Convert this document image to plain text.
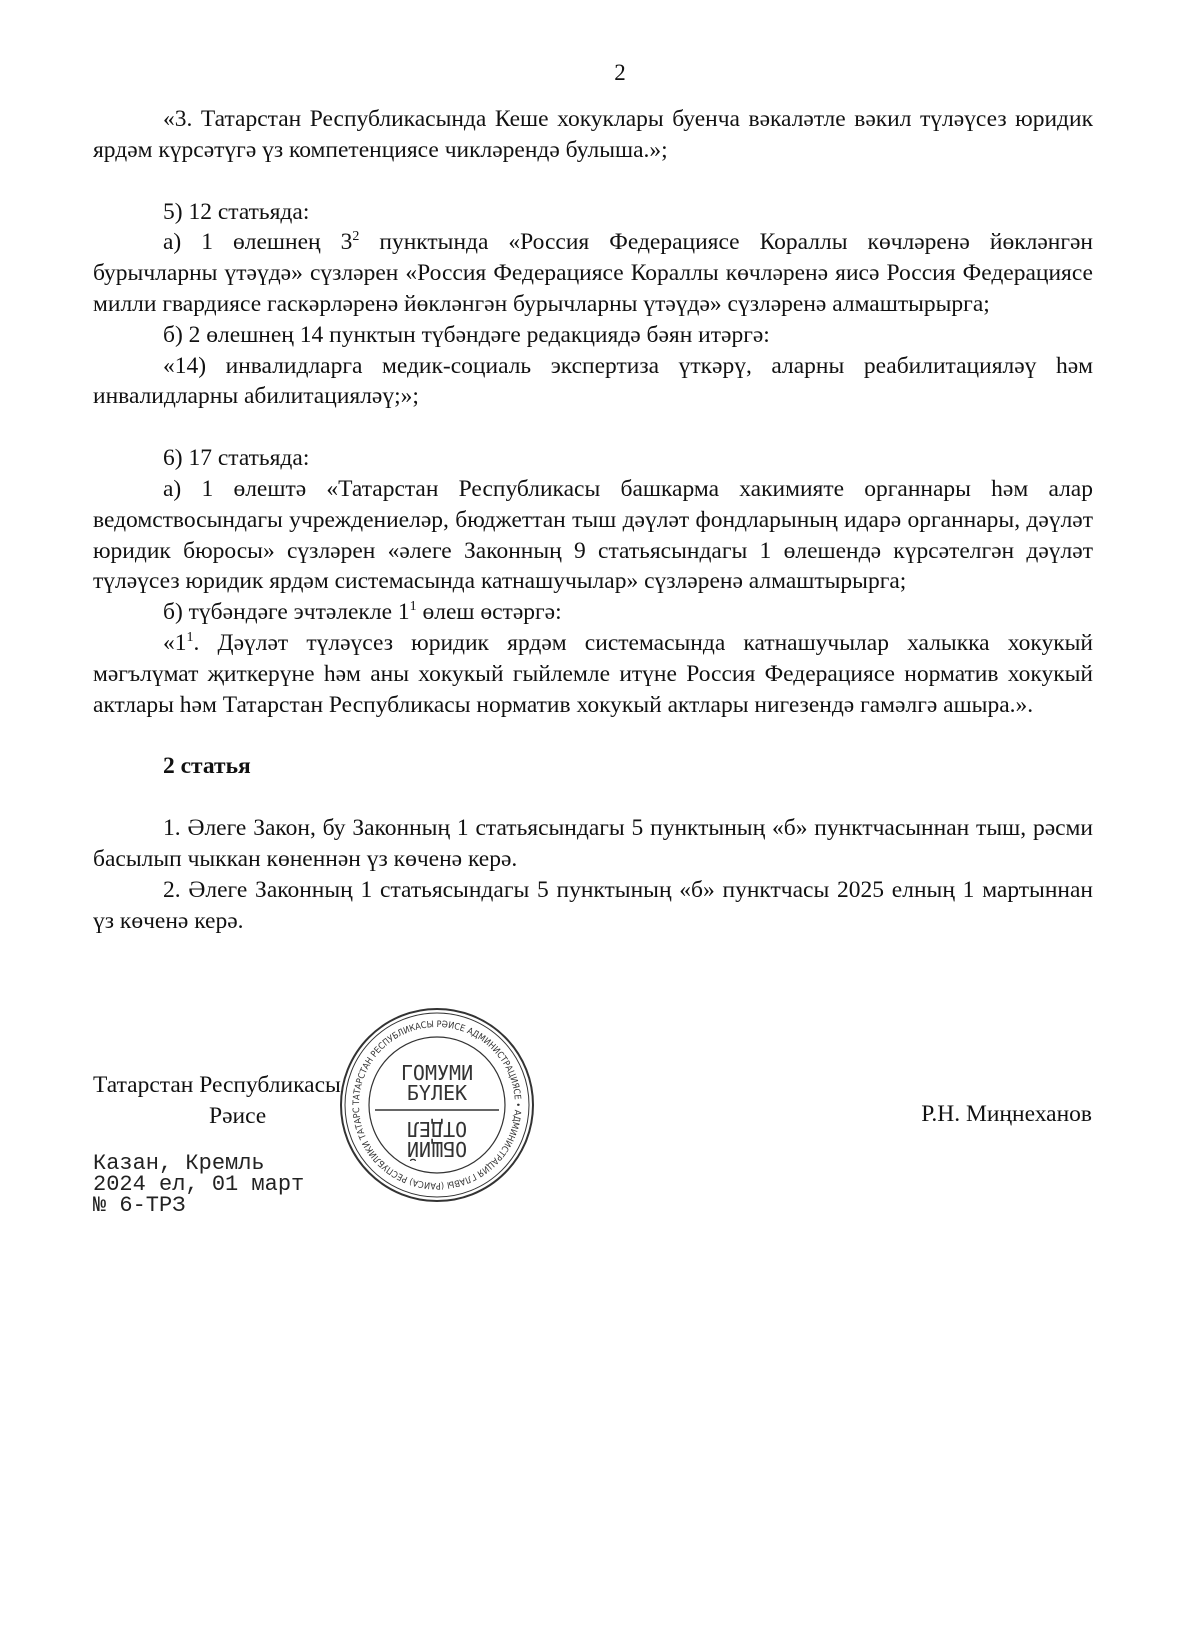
2

«3. Татарстан Республикасында Кеше хокуклары буенча вәкаләтле вәкил түләүсез юридик ярдәм күрсәтүгә үз компетенциясе чикләрендә булыша.»;

5) 12 статьяда:

а) 1 өлешнең $3^2$ пунктында «Россия Федерациясе Кораллы көчләренә йөкләнгән бурычларны үтәүдә» сүзләрен «Россия Федерациясе Кораллы көчләренә яисә Россия Федерациясе милли гвардиясе гаскәрләренә йөкләнгән бурычларны үтәүдә» сүзләренә алмаштырырга;

б) 2 өлешнең 14 пунктын түбәндәге редакциядә бәян итәргә:

«14) инвалидларга медик-социаль экспертиза үткәрү, аларны реабилитацияләү һәм инвалидларны абилитацияләү;»;

6) 17 статьяда:

а) 1 өлештә «Татарстан Республикасы башкарма хакимияте органнары һәм алар ведомствосындагы учреждениеләр, бюджеттан тыш дәүләт фондларының идарә органнары, дәүләт юридик бюросы» сүзләрен «әлеге Законның 9 статьясындагы 1 өлешендә күрсәтелгән дәүләт түләүсез юридик ярдәм системасында катнашучылар» сүзләренә алмаштырырга;

б) түбәндәге эчтәлекле $1^1$ өлеш өстәргә:

«$1^1$. Дәүләт түләүсез юридик ярдәм системасында катнашучылар халыкка хокукый мәгълүмат җиткерүне һәм аны хокукый гыйлемле итүне Россия Федерациясе норматив хокукый актлары һәм Татарстан Республикасы норматив хокукый актлары нигезендә гамәлгә ашыра.».

2 статья

1. Әлеге Закон, бу Законның 1 статьясындагы 5 пунктының «б» пунктчасыннан тыш, рәсми басылып чыккан көненнән үз көченә керә.

2. Әлеге Законның 1 статьясындагы 5 пунктының «б» пунктчасы 2025 елның 1 мартыннан үз көченә керә.

Татарстан Республикасы
Рәисе	Р.Н. Миңнеханов
Казан, Кремль
2024 ел, 01 март
№ 6-ТРЗ
ТАТАРСТАН РЕСПУБЛИКАСЫ РӘИСЕ АДМИНИСТРАЦИЯСЕ • АДМИНИСТРАЦИЯ ГЛАВЫ (РАИСА) РЕСПУБЛИКИ ТАТАРС
ГОМУМИ
БҮЛЕК
ОТДЕЛ
ОБЩИЙ
